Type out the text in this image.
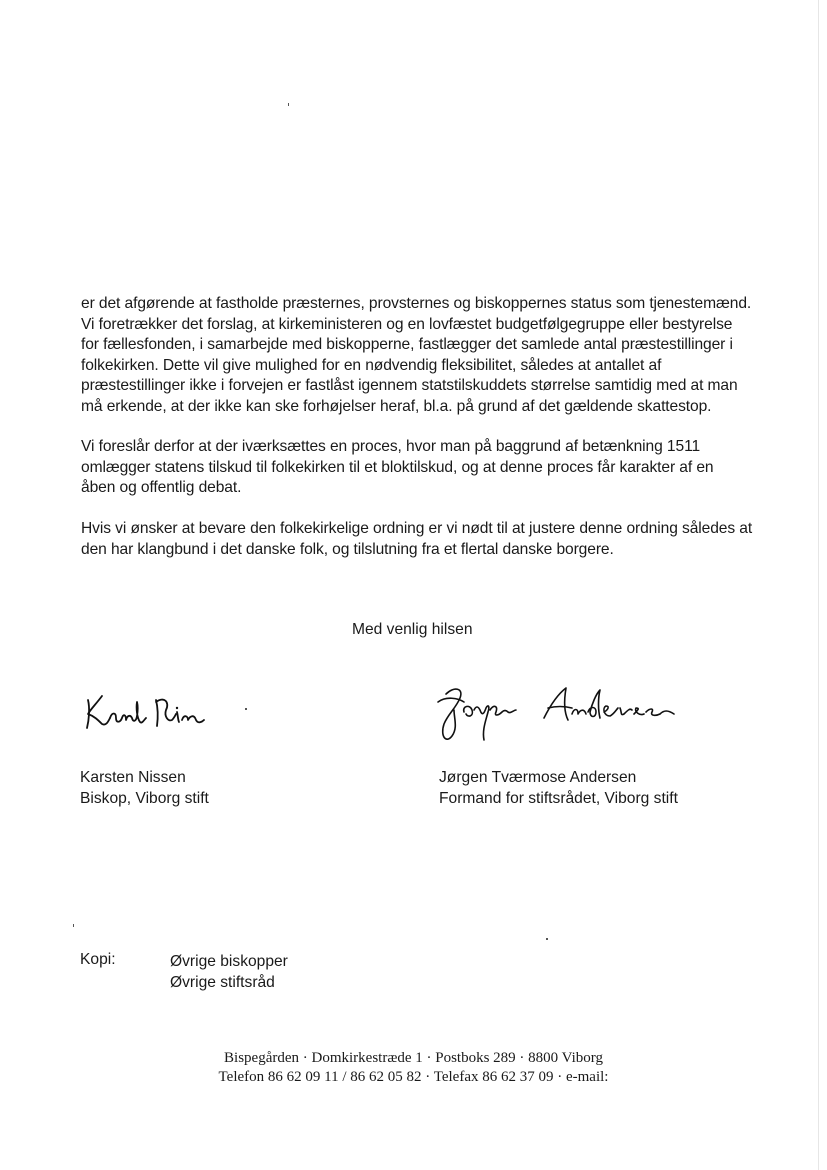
er det afgørende at fastholde præsternes, provsternes og biskoppernes status som tjenestemænd.
Vi foretrækker det forslag, at kirkeministeren og en lovfæstet budgetfølgegruppe eller bestyrelse
for fællesfonden, i samarbejde med biskopperne, fastlægger det samlede antal præstestillinger i
folkekirken. Dette vil give mulighed for en nødvendig fleksibilitet, således at antallet af
præstestillinger ikke i forvejen er fastlåst igennem statstilskuddets størrelse samtidig med at man
må erkende, at der ikke kan ske forhøjelser heraf, bl.a. på grund af det gældende skattestop.
Vi foreslår derfor at der iværksættes en proces, hvor man på baggrund af betænkning 1511
omlægger statens tilskud til folkekirken til et bloktilskud, og at denne proces får karakter af en
åben og offentlig debat.
Hvis vi ønsker at bevare den folkekirkelige ordning er vi nødt til at justere denne ordning således at
den har klangbund i det danske folk, og tilslutning fra et flertal danske borgere.
Med venlig hilsen
Karsten Nissen
Biskop, Viborg stift
Jørgen Tværmose Andersen
Formand for stiftsrådet, Viborg stift
Kopi:	Øvrige biskopper
Øvrige stiftsråd
Bispegården · Domkirkestræde 1 · Postboks 289 · 8800 Viborg
Telefon 86 62 09 11 / 86 62 05 82 · Telefax 86 62 37 09 · e-mail:
